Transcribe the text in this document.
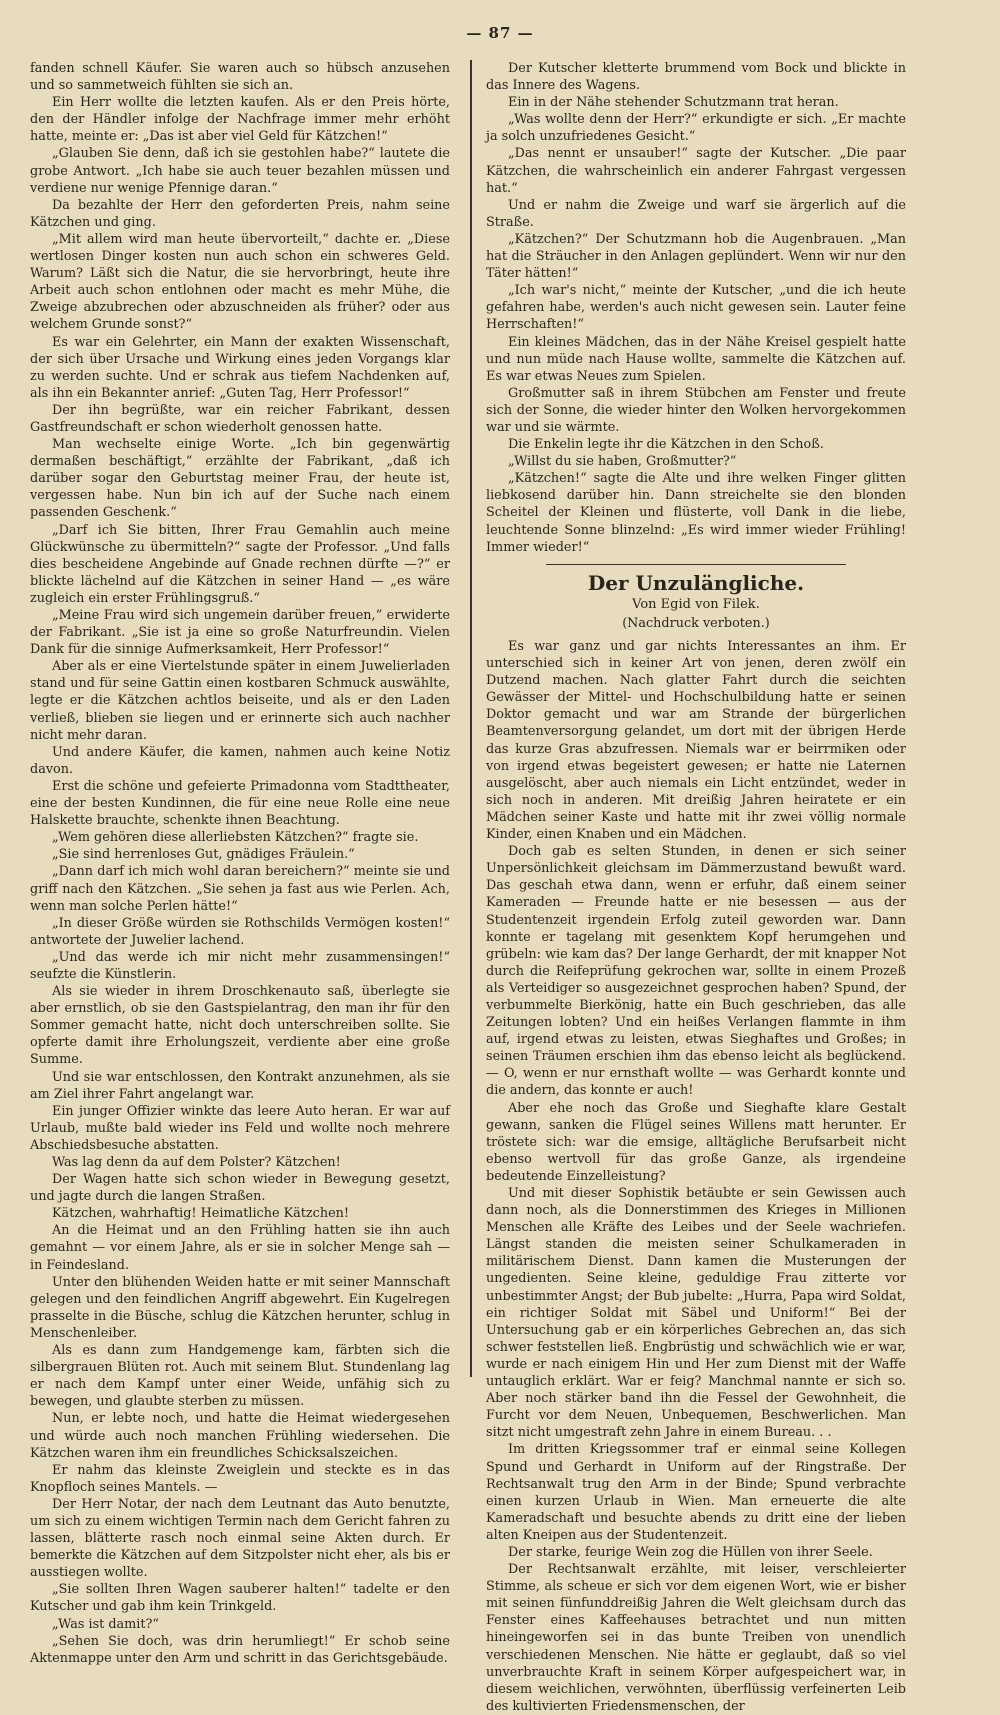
— 87 —

fanden schnell Käufer. Sie waren auch so hübsch anzusehen und so sammetweich fühlten sie sich an.

Ein Herr wollte die letzten kaufen. Als er den Preis hörte, den der Händler infolge der Nachfrage immer mehr erhöht hatte, meinte er: „Das ist aber viel Geld für Kätzchen!“

„Glauben Sie denn, daß ich sie gestohlen habe?“ lautete die grobe Antwort. „Ich habe sie auch teuer bezahlen müssen und verdiene nur wenige Pfennige daran.“

Da bezahlte der Herr den geforderten Preis, nahm seine Kätzchen und ging.

„Mit allem wird man heute übervorteilt,“ dachte er. „Diese wertlosen Dinger kosten nun auch schon ein schweres Geld. Warum? Läßt sich die Natur, die sie hervorbringt, heute ihre Arbeit auch schon entlohnen oder macht es mehr Mühe, die Zweige abzubrechen oder abzuschneiden als früher? oder aus welchem Grunde sonst?“

Es war ein Gelehrter, ein Mann der exakten Wissenschaft, der sich über Ursache und Wirkung eines jeden Vorgangs klar zu werden suchte. Und er schrak aus tiefem Nachdenken auf, als ihn ein Bekannter anrief: „Guten Tag, Herr Professor!“

Der ihn begrüßte, war ein reicher Fabrikant, dessen Gastfreundschaft er schon wiederholt genossen hatte.

Man wechselte einige Worte. „Ich bin gegenwärtig dermaßen beschäftigt,“ erzählte der Fabrikant, „daß ich darüber sogar den Geburtstag meiner Frau, der heute ist, vergessen habe. Nun bin ich auf der Suche nach einem passenden Geschenk.“

„Darf ich Sie bitten, Ihrer Frau Gemahlin auch meine Glückwünsche zu übermitteln?“ sagte der Professor. „Und falls dies bescheidene Angebinde auf Gnade rechnen dürfte —?“ er blickte lächelnd auf die Kätzchen in seiner Hand — „es wäre zugleich ein erster Frühlingsgruß.“

„Meine Frau wird sich ungemein darüber freuen,“ erwiderte der Fabrikant. „Sie ist ja eine so große Naturfreundin. Vielen Dank für die sinnige Aufmerksamkeit, Herr Professor!“

Aber als er eine Viertelstunde später in einem Juwelierladen stand und für seine Gattin einen kostbaren Schmuck auswählte, legte er die Kätzchen achtlos beiseite, und als er den Laden verließ, blieben sie liegen und er erinnerte sich auch nachher nicht mehr daran.

Und andere Käufer, die kamen, nahmen auch keine Notiz davon.

Erst die schöne und gefeierte Primadonna vom Stadttheater, eine der besten Kundinnen, die für eine neue Rolle eine neue Halskette brauchte, schenkte ihnen Beachtung.

„Wem gehören diese allerliebsten Kätzchen?“ fragte sie.

„Sie sind herrenloses Gut, gnädiges Fräulein.“

„Dann darf ich mich wohl daran bereichern?“ meinte sie und griff nach den Kätzchen. „Sie sehen ja fast aus wie Perlen. Ach, wenn man solche Perlen hätte!“

„In dieser Größe würden sie Rothschilds Vermögen kosten!“ antwortete der Juwelier lachend.

„Und das werde ich mir nicht mehr zusammensingen!“ seufzte die Künstlerin.

Als sie wieder in ihrem Droschkenauto saß, überlegte sie aber ernstlich, ob sie den Gastspielantrag, den man ihr für den Sommer gemacht hatte, nicht doch unterschreiben sollte. Sie opferte damit ihre Erholungszeit, verdiente aber eine große Summe.

Und sie war entschlossen, den Kontrakt anzunehmen, als sie am Ziel ihrer Fahrt angelangt war.

Ein junger Offizier winkte das leere Auto heran. Er war auf Urlaub, mußte bald wieder ins Feld und wollte noch mehrere Abschiedsbesuche abstatten.

Was lag denn da auf dem Polster? Kätzchen!

Der Wagen hatte sich schon wieder in Bewegung gesetzt, und jagte durch die langen Straßen.

Kätzchen, wahrhaftig! Heimatliche Kätzchen!

An die Heimat und an den Frühling hatten sie ihn auch gemahnt — vor einem Jahre, als er sie in solcher Menge sah — in Feindesland.

Unter den blühenden Weiden hatte er mit seiner Mannschaft gelegen und den feindlichen Angriff abgewehrt. Ein Kugelregen prasselte in die Büsche, schlug die Kätzchen herunter, schlug in Menschenleiber.

Als es dann zum Handgemenge kam, färbten sich die silbergrauen Blüten rot. Auch mit seinem Blut. Stundenlang lag er nach dem Kampf unter einer Weide, unfähig sich zu bewegen, und glaubte sterben zu müssen.

Nun, er lebte noch, und hatte die Heimat wiedergesehen und würde auch noch manchen Frühling wiedersehen. Die Kätzchen waren ihm ein freundliches Schicksalszeichen.

Er nahm das kleinste Zweiglein und steckte es in das Knopfloch seines Mantels. —

Der Herr Notar, der nach dem Leutnant das Auto benutzte, um sich zu einem wichtigen Termin nach dem Gericht fahren zu lassen, blätterte rasch noch einmal seine Akten durch. Er bemerkte die Kätzchen auf dem Sitzpolster nicht eher, als bis er ausstiegen wollte.

„Sie sollten Ihren Wagen sauberer halten!“ tadelte er den Kutscher und gab ihm kein Trinkgeld.

„Was ist damit?“

„Sehen Sie doch, was drin herumliegt!“ Er schob seine Aktenmappe unter den Arm und schritt in das Gerichtsgebäude.

Der Kutscher kletterte brummend vom Bock und blickte in das Innere des Wagens.

Ein in der Nähe stehender Schutzmann trat heran.

„Was wollte denn der Herr?“ erkundigte er sich. „Er machte ja solch unzufriedenes Gesicht.“

„Das nennt er unsauber!“ sagte der Kutscher. „Die paar Kätzchen, die wahrscheinlich ein anderer Fahrgast vergessen hat.“

Und er nahm die Zweige und warf sie ärgerlich auf die Straße.

„Kätzchen?“ Der Schutzmann hob die Augenbrauen. „Man hat die Sträucher in den Anlagen geplündert. Wenn wir nur den Täter hätten!“

„Ich war's nicht,“ meinte der Kutscher, „und die ich heute gefahren habe, werden's auch nicht gewesen sein. Lauter feine Herrschaften!“

Ein kleines Mädchen, das in der Nähe Kreisel gespielt hatte und nun müde nach Hause wollte, sammelte die Kätzchen auf. Es war etwas Neues zum Spielen.

Großmutter saß in ihrem Stübchen am Fenster und freute sich der Sonne, die wieder hinter den Wolken hervorgekommen war und sie wärmte.

Die Enkelin legte ihr die Kätzchen in den Schoß.

„Willst du sie haben, Großmutter?“

„Kätzchen!“ sagte die Alte und ihre welken Finger glitten liebkosend darüber hin. Dann streichelte sie den blonden Scheitel der Kleinen und flüsterte, voll Dank in die liebe, leuchtende Sonne blinzelnd: „Es wird immer wieder Frühling! Immer wieder!“

Der Unzulängliche.
Von Egid von Filek.
(Nachdruck verboten.)

Es war ganz und gar nichts Interessantes an ihm. Er unterschied sich in keiner Art von jenen, deren zwölf ein Dutzend machen. Nach glatter Fahrt durch die seichten Gewässer der Mittel- und Hochschulbildung hatte er seinen Doktor gemacht und war am Strande der bürgerlichen Beamtenversorgung gelandet, um dort mit der übrigen Herde das kurze Gras abzufressen. Niemals war er beirrmiken oder von irgend etwas begeistert gewesen; er hatte nie Laternen ausgelöscht, aber auch niemals ein Licht entzündet, weder in sich noch in anderen. Mit dreißig Jahren heiratete er ein Mädchen seiner Kaste und hatte mit ihr zwei völlig normale Kinder, einen Knaben und ein Mädchen.

Doch gab es selten Stunden, in denen er sich seiner Unpersönlichkeit gleichsam im Dämmerzustand bewußt ward. Das geschah etwa dann, wenn er erfuhr, daß einem seiner Kameraden — Freunde hatte er nie besessen — aus der Studentenzeit irgendein Erfolg zuteil geworden war. Dann konnte er tagelang mit gesenktem Kopf herumgehen und grübeln: wie kam das? Der lange Gerhardt, der mit knapper Not durch die Reifeprüfung gekrochen war, sollte in einem Prozeß als Verteidiger so ausgezeichnet gesprochen haben? Spund, der verbummelte Bierkönig, hatte ein Buch geschrieben, das alle Zeitungen lobten? Und ein heißes Verlangen flammte in ihm auf, irgend etwas zu leisten, etwas Sieghaftes und Großes; in seinen Träumen erschien ihm das ebenso leicht als beglückend. — O, wenn er nur ernsthaft wollte — was Gerhardt konnte und die andern, das konnte er auch!

Aber ehe noch das Große und Sieghafte klare Gestalt gewann, sanken die Flügel seines Willens matt herunter. Er tröstete sich: war die emsige, alltägliche Berufsarbeit nicht ebenso wertvoll für das große Ganze, als irgendeine bedeutende Einzelleistung?

Und mit dieser Sophistik betäubte er sein Gewissen auch dann noch, als die Donnerstimmen des Krieges in Millionen Menschen alle Kräfte des Leibes und der Seele wachriefen. Längst standen die meisten seiner Schulkameraden in militärischem Dienst. Dann kamen die Musterungen der ungedienten. Seine kleine, geduldige Frau zitterte vor unbestimmter Angst; der Bub jubelte: „Hurra, Papa wird Soldat, ein richtiger Soldat mit Säbel und Uniform!“ Bei der Untersuchung gab er ein körperliches Gebrechen an, das sich schwer feststellen ließ. Engbrüstig und schwächlich wie er war, wurde er nach einigem Hin und Her zum Dienst mit der Waffe untauglich erklärt. War er feig? Manchmal nannte er sich so. Aber noch stärker band ihn die Fessel der Gewohnheit, die Furcht vor dem Neuen, Unbequemen, Beschwerlichen. Man sitzt nicht umgestraft zehn Jahre in einem Bureau. . .

Im dritten Kriegssommer traf er einmal seine Kollegen Spund und Gerhardt in Uniform auf der Ringstraße. Der Rechtsanwalt trug den Arm in der Binde; Spund verbrachte einen kurzen Urlaub in Wien. Man erneuerte die alte Kameradschaft und besuchte abends zu dritt eine der lieben alten Kneipen aus der Studentenzeit.

Der starke, feurige Wein zog die Hüllen von ihrer Seele.

Der Rechtsanwalt erzählte, mit leiser, verschleierter Stimme, als scheue er sich vor dem eigenen Wort, wie er bisher mit seinen fünfunddreißig Jahren die Welt gleichsam durch das Fenster eines Kaffeehauses betrachtet und nun mitten hineingeworfen sei in das bunte Treiben von unendlich verschiedenen Menschen. Nie hätte er geglaubt, daß so viel unverbrauchte Kraft in seinem Körper aufgespeichert war, in diesem weichlichen, verwöhnten, überflüssig verfeinerten Leib des kultivierten Friedensmenschen, der
